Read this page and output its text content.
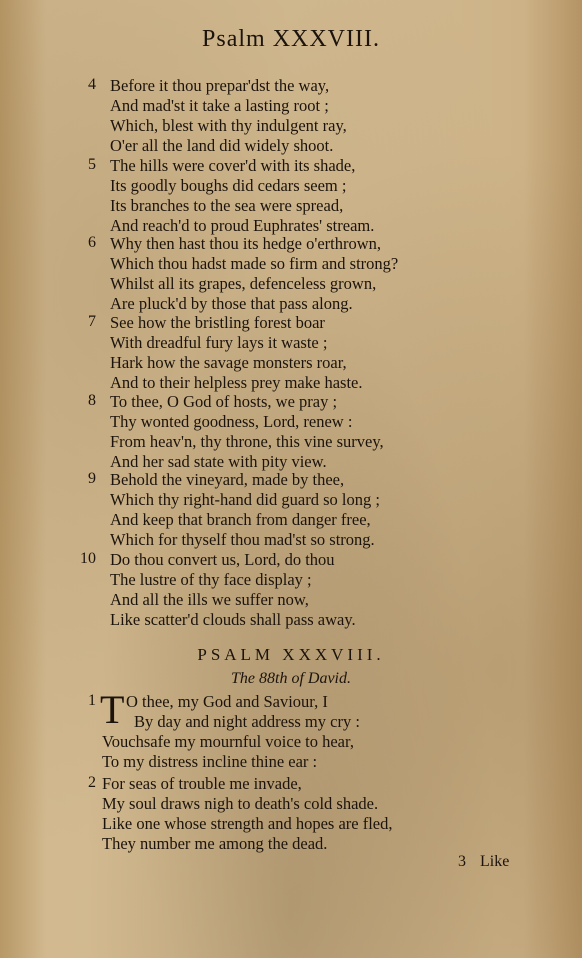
Psalm XXXVIII.
4 Before it thou prepar'dst the way,
And mad'st it take a lasting root ;
Which, blest with thy indulgent ray,
O'er all the land did widely shoot.
5 The hills were cover'd with its shade,
Its goodly boughs did cedars seem ;
Its branches to the sea were spread,
And reach'd to proud Euphrates' stream.
6 Why then hast thou its hedge o'erthrown,
Which thou hadst made so firm and strong?
Whilst all its grapes, defenceless grown,
Are pluck'd by those that pass along.
7 See how the bristling forest boar
With dreadful fury lays it waste ;
Hark how the savage monsters roar,
And to their helpless prey make haste.
8 To thee, O God of hosts, we pray ;
Thy wonted goodness, Lord, renew :
From heav'n, thy throne, this vine survey,
And her sad state with pity view.
9 Behold the vineyard, made by thee,
Which thy right-hand did guard so long ;
And keep that branch from danger free,
Which for thyself thou mad'st so strong.
10 Do thou convert us, Lord, do thou
The lustre of thy face display ;
And all the ills we suffer now,
Like scatter'd clouds shall pass away.
PSALM XXXVIII.
The 88th of David.
T
1	O thee, my God and Saviour, I
By day and night address my cry :
Vouchsafe my mournful voice to hear,
To my distress incline thine ear :
2 For seas of trouble me invade,
My soul draws nigh to death's cold shade.
Like one whose strength and hopes are fled,
They number me among the dead.
3 Like
